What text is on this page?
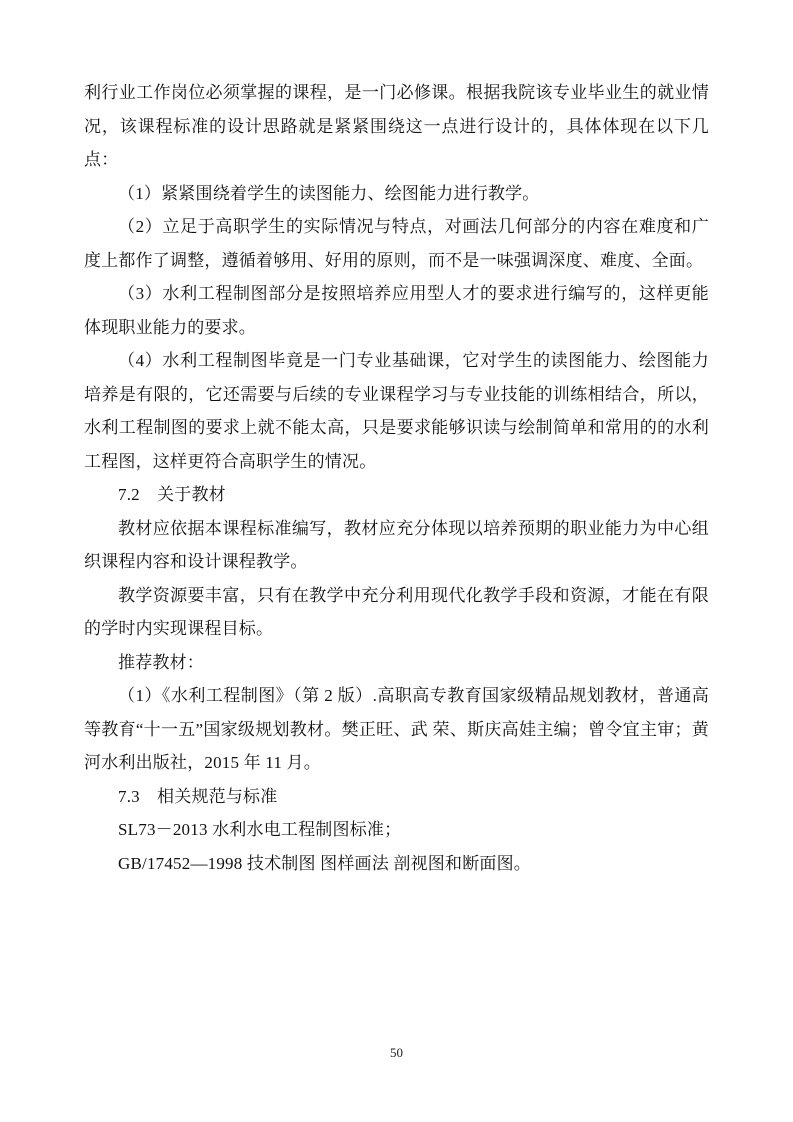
利行业工作岗位必须掌握的课程，是一门必修课。根据我院该专业毕业生的就业情况，该课程标准的设计思路就是紧紧围绕这一点进行设计的，具体体现在以下几点：

（1）紧紧围绕着学生的读图能力、绘图能力进行教学。

（2）立足于高职学生的实际情况与特点，对画法几何部分的内容在难度和广度上都作了调整，遵循着够用、好用的原则，而不是一味强调深度、难度、全面。

（3）水利工程制图部分是按照培养应用型人才的要求进行编写的，这样更能体现职业能力的要求。

（4）水利工程制图毕竟是一门专业基础课，它对学生的读图能力、绘图能力培养是有限的，它还需要与后续的专业课程学习与专业技能的训练相结合，所以，水利工程制图的要求上就不能太高，只是要求能够识读与绘制简单和常用的的水利工程图，这样更符合高职学生的情况。

7.2　关于教材

教材应依据本课程标准编写，教材应充分体现以培养预期的职业能力为中心组织课程内容和设计课程教学。

教学资源要丰富，只有在教学中充分利用现代化教学手段和资源，才能在有限的学时内实现课程目标。

推荐教材：

（1）《水利工程制图》（第 2 版）.高职高专教育国家级精品规划教材，普通高等教育“十一五”国家级规划教材。樊正旺、武 荣、斯庆高娃主编；曾令宜主审；黄河水利出版社，2015 年 11 月。

7.3　相关规范与标准

SL73－2013 水利水电工程制图标准；

GB/17452—1998 技术制图 图样画法 剖视图和断面图。

50
